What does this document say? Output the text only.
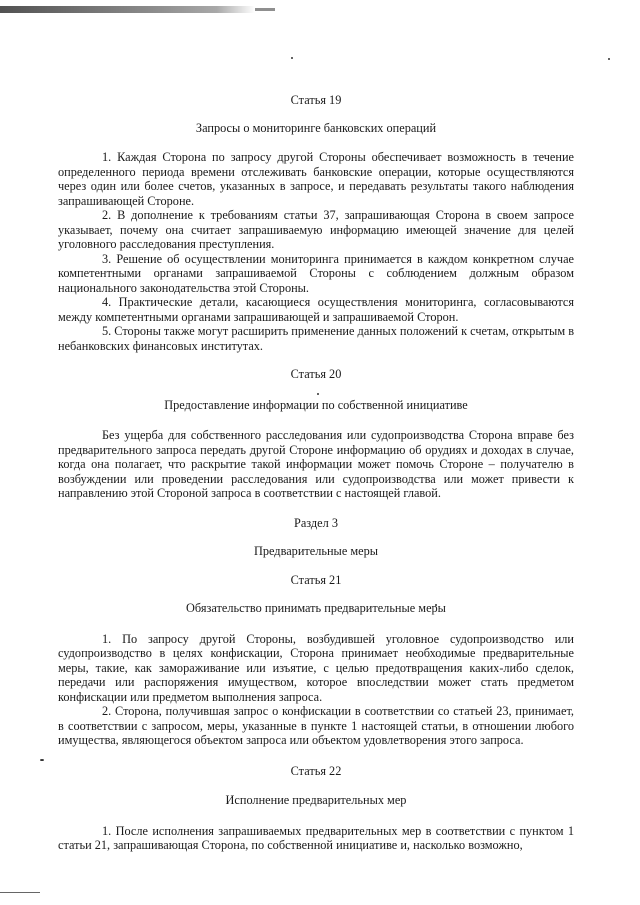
Статья 19

Запросы о мониторинге банковских операций

1. Каждая Сторона по запросу другой Стороны обеспечивает возможность в течение определенного периода времени отслеживать банковские операции, которые осуществляются через один или более счетов, указанных в запросе, и передавать результаты такого наблюдения запрашивающей Стороне.

2. В дополнение к требованиям статьи 37, запрашивающая Сторона в своем запросе указывает, почему она считает запрашиваемую информацию имеющей значение для целей уголовного расследования преступления.

3. Решение об осуществлении мониторинга принимается в каждом конкретном случае компетентными органами запрашиваемой Стороны с соблюдением должным образом национального законодательства этой Стороны.

4. Практические детали, касающиеся осуществления мониторинга, согласовываются между компетентными органами запрашивающей и запрашиваемой Сторон.

5. Стороны также могут расширить применение данных положений к счетам, открытым в небанковских финансовых институтах.

Статья 20

Предоставление информации по собственной инициативе

Без ущерба для собственного расследования или судопроизводства Сторона вправе без предварительного запроса передать другой Стороне информацию об орудиях и доходах в случае, когда она полагает, что раскрытие такой информации может помочь Стороне – получателю в возбуждении или проведении расследования или судопроизводства или может привести к направлению этой Стороной запроса в соответствии с настоящей главой.

Раздел 3

Предварительные меры

Статья 21

Обязательство принимать предварительные меры

1. По запросу другой Стороны, возбудившей уголовное судопроизводство или судопроизводство в целях конфискации, Сторона принимает необходимые предварительные меры, такие, как замораживание или изъятие, с целью предотвращения каких-либо сделок, передачи или распоряжения имуществом, которое впоследствии может стать предметом конфискации или предметом выполнения запроса.

2. Сторона, получившая запрос о конфискации в соответствии со статьей 23, принимает, в соответствии с запросом, меры, указанные в пункте 1 настоящей статьи, в отношении любого имущества, являющегося объектом запроса или объектом удовлетворения этого запроса.

Статья 22

Исполнение предварительных мер

1. После исполнения запрашиваемых предварительных мер в соответствии с пунктом 1 статьи 21, запрашивающая Сторона, по собственной инициативе и, насколько возможно,
